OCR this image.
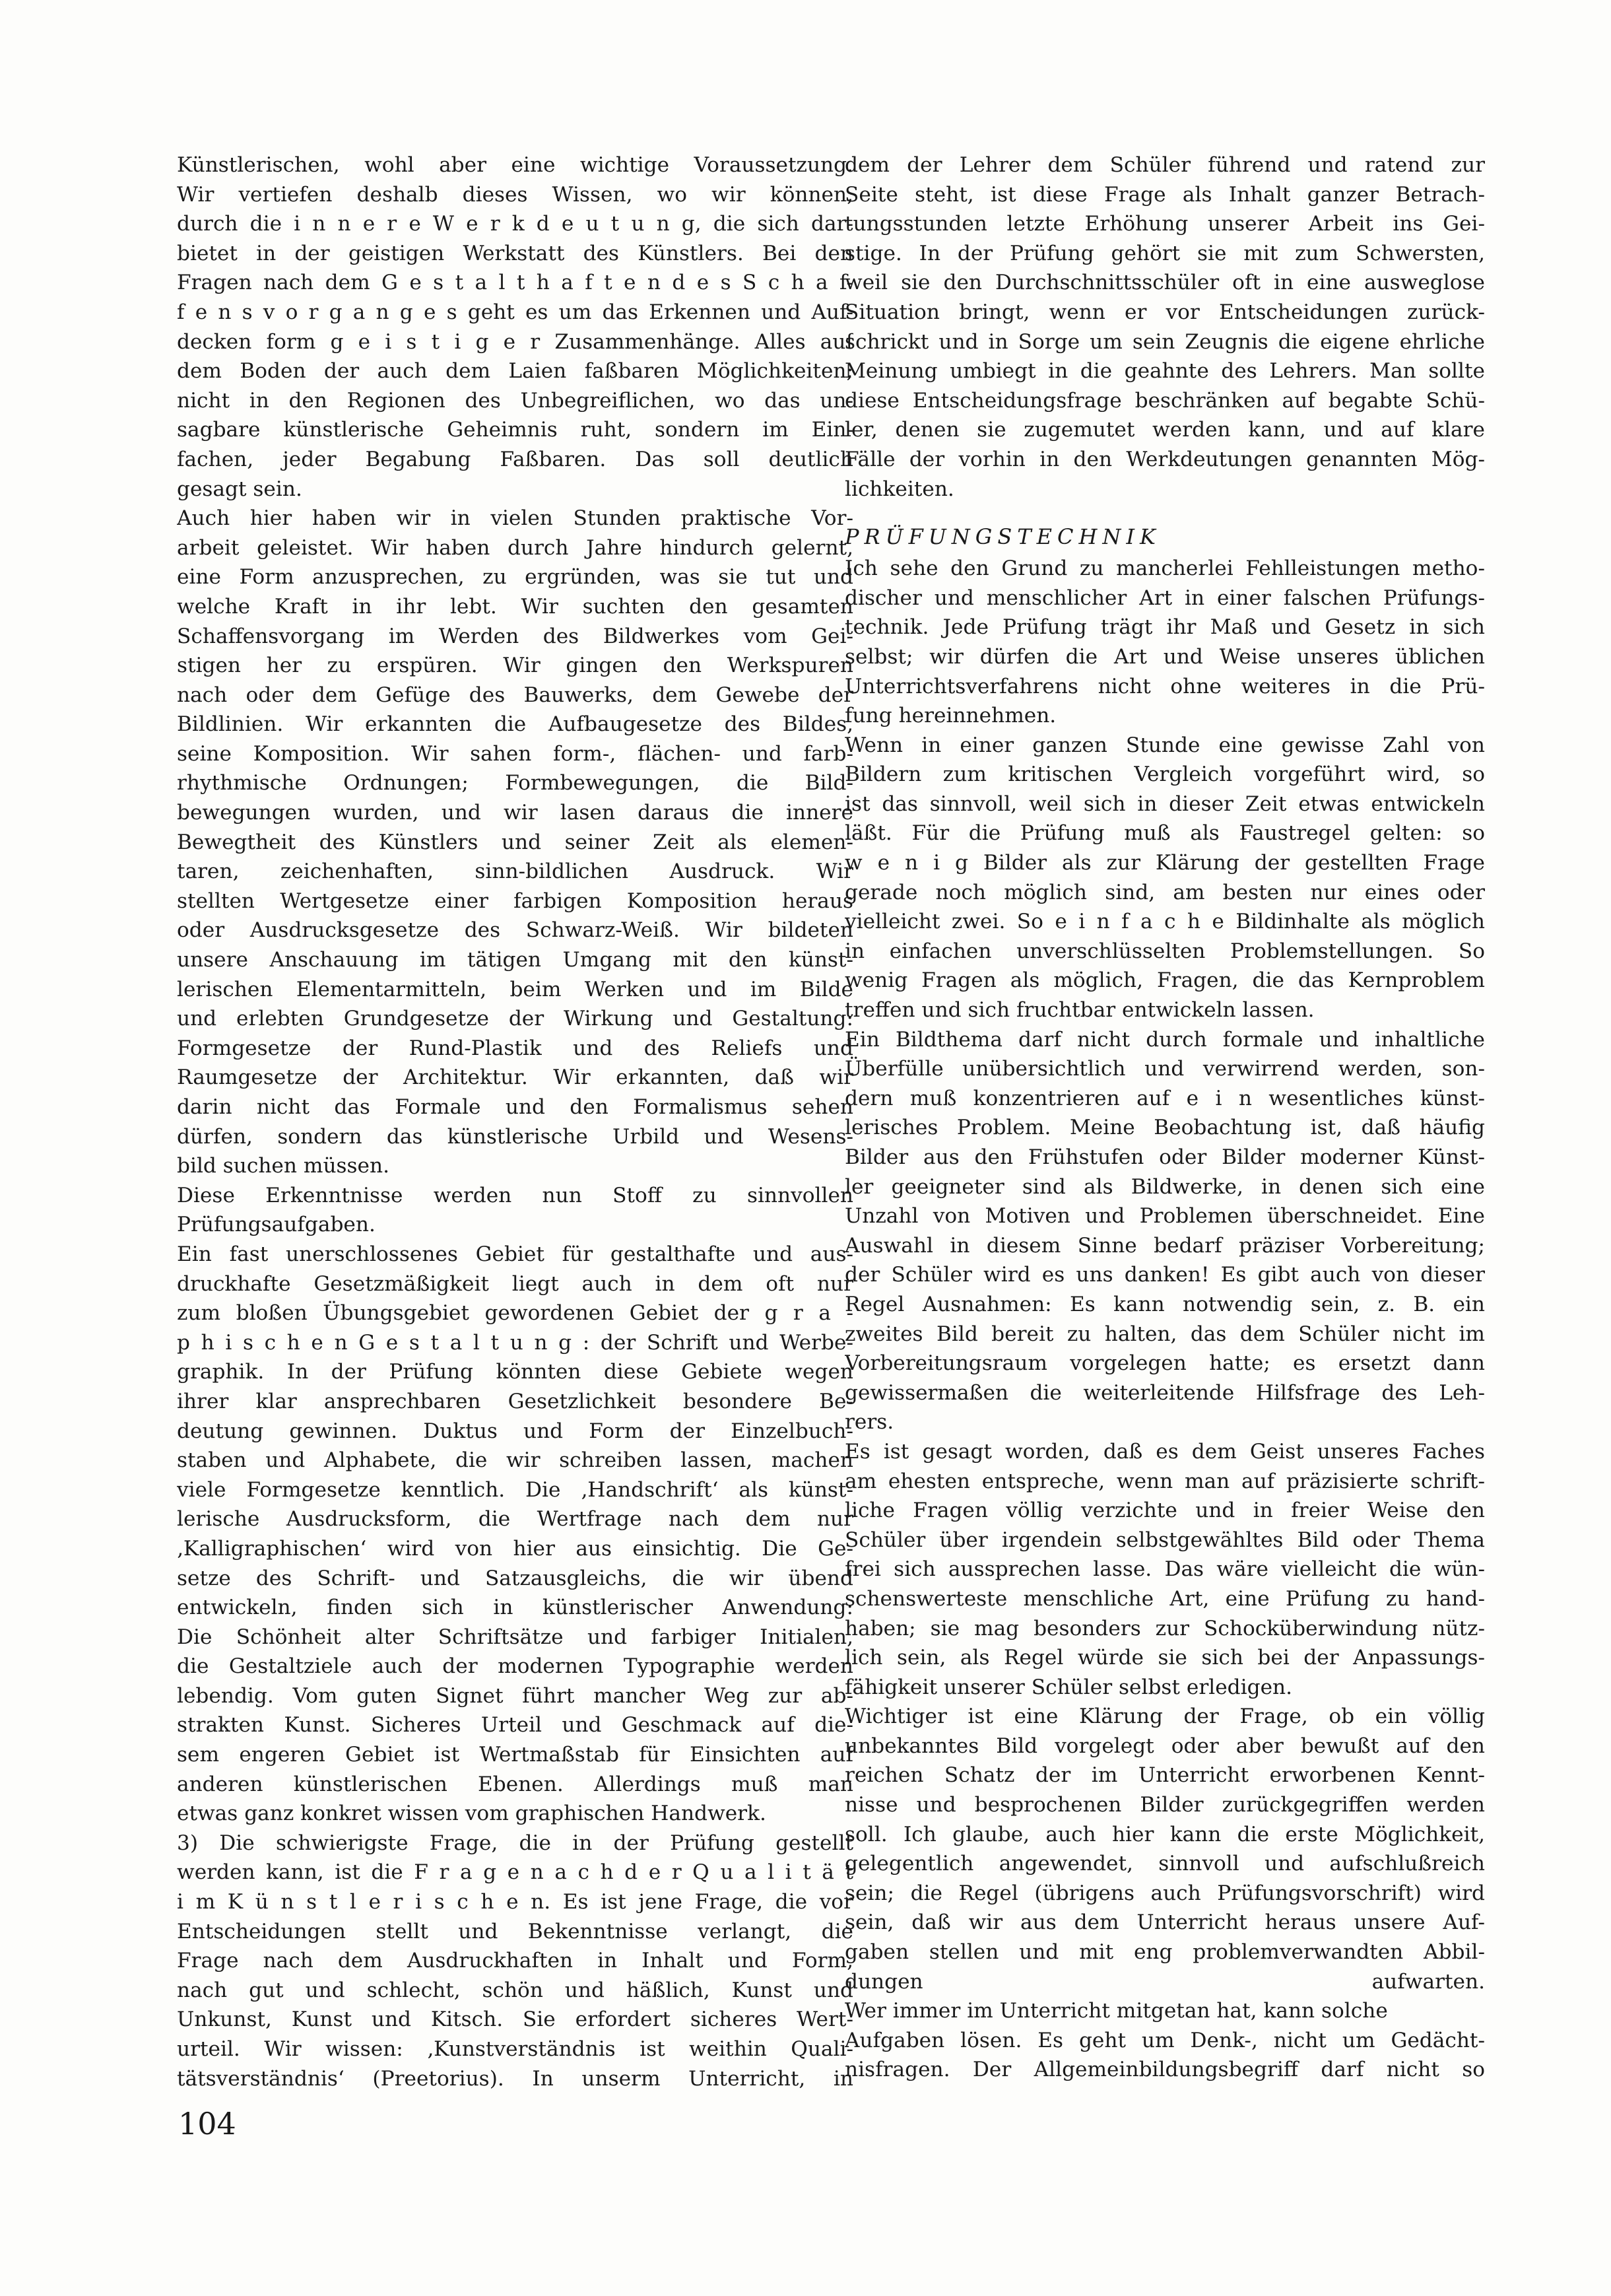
Künstlerischen, wohl aber eine wichtige Voraussetzung.
Wir vertiefen deshalb dieses Wissen, wo wir können,
durch die i n n e r e W e r k d e u t u n g, die sich dar-
bietet in der geistigen Werkstatt des Künstlers. Bei den
Fragen nach dem G e s t a l t h a f t e n d e s S c h a f-
f e n s v o r g a n g e s geht es um das Erkennen und Auf-
decken form g e i s t i g e r Zusammenhänge. Alles auf
dem Boden der auch dem Laien faßbaren Möglichkeiten;
nicht in den Regionen des Unbegreiflichen, wo das un-
sagbare künstlerische Geheimnis ruht, sondern im Ein-
fachen, jeder Begabung Faßbaren. Das soll deutlich
gesagt sein.
Auch hier haben wir in vielen Stunden praktische Vor-
arbeit geleistet. Wir haben durch Jahre hindurch gelernt,
eine Form anzusprechen, zu ergründen, was sie tut und
welche Kraft in ihr lebt. Wir suchten den gesamten
Schaffensvorgang im Werden des Bildwerkes vom Gei-
stigen her zu erspüren. Wir gingen den Werkspuren
nach oder dem Gefüge des Bauwerks, dem Gewebe der
Bildlinien. Wir erkannten die Aufbaugesetze des Bildes,
seine Komposition. Wir sahen form-, flächen- und farb-
rhythmische Ordnungen; Formbewegungen, die Bild-
bewegungen wurden, und wir lasen daraus die innere
Bewegtheit des Künstlers und seiner Zeit als elemen-
taren, zeichenhaften, sinn-bildlichen Ausdruck. Wir
stellten Wertgesetze einer farbigen Komposition heraus
oder Ausdrucksgesetze des Schwarz-Weiß. Wir bildeten
unsere Anschauung im tätigen Umgang mit den künst-
lerischen Elementarmitteln, beim Werken und im Bilde
und erlebten Grundgesetze der Wirkung und Gestaltung:
Formgesetze der Rund-Plastik und des Reliefs und
Raumgesetze der Architektur. Wir erkannten, daß wir
darin nicht das Formale und den Formalismus sehen
dürfen, sondern das künstlerische Urbild und Wesens-
bild suchen müssen.
Diese Erkenntnisse werden nun Stoff zu sinnvollen
Prüfungsaufgaben.
Ein fast unerschlossenes Gebiet für gestalthafte und aus-
druckhafte Gesetzmäßigkeit liegt auch in dem oft nur
zum bloßen Übungsgebiet gewordenen Gebiet der g r a -
p h i s c h e n G e s t a l t u n g : der Schrift und Werbe-
graphik. In der Prüfung könnten diese Gebiete wegen
ihrer klar ansprechbaren Gesetzlichkeit besondere Be-
deutung gewinnen. Duktus und Form der Einzelbuch-
staben und Alphabete, die wir schreiben lassen, machen
viele Formgesetze kenntlich. Die ‚Handschrift‘ als künst-
lerische Ausdrucksform, die Wertfrage nach dem nur
‚Kalligraphischen‘ wird von hier aus einsichtig. Die Ge-
setze des Schrift- und Satzausgleichs, die wir übend
entwickeln, finden sich in künstlerischer Anwendung:
Die Schönheit alter Schriftsätze und farbiger Initialen,
die Gestaltziele auch der modernen Typographie werden
lebendig. Vom guten Signet führt mancher Weg zur ab-
strakten Kunst. Sicheres Urteil und Geschmack auf die-
sem engeren Gebiet ist Wertmaßstab für Einsichten auf
anderen künstlerischen Ebenen. Allerdings muß man
etwas ganz konkret wissen vom graphischen Handwerk.
3) Die schwierigste Frage, die in der Prüfung gestellt
werden kann, ist die F r a g e n a c h d e r Q u a l i t ä t
i m K ü n s t l e r i s c h e n. Es ist jene Frage, die vor
Entscheidungen stellt und Bekenntnisse verlangt, die
Frage nach dem Ausdruckhaften in Inhalt und Form,
nach gut und schlecht, schön und häßlich, Kunst und
Unkunst, Kunst und Kitsch. Sie erfordert sicheres Wert-
urteil. Wir wissen: ‚Kunstverständnis ist weithin Quali-
tätsverständnis‘ (Preetorius). In unserm Unterricht, in
dem der Lehrer dem Schüler führend und ratend zur
Seite steht, ist diese Frage als Inhalt ganzer Betrach-
tungsstunden letzte Erhöhung unserer Arbeit ins Gei-
stige. In der Prüfung gehört sie mit zum Schwersten,
weil sie den Durchschnittsschüler oft in eine ausweglose
Situation bringt, wenn er vor Entscheidungen zurück-
schrickt und in Sorge um sein Zeugnis die eigene ehrliche
Meinung umbiegt in die geahnte des Lehrers. Man sollte
diese Entscheidungsfrage beschränken auf begabte Schü-
ler, denen sie zugemutet werden kann, und auf klare
Fälle der vorhin in den Werkdeutungen genannten Mög-
lichkeiten.
PRÜFUNGSTECHNIK
Ich sehe den Grund zu mancherlei Fehlleistungen metho-
discher und menschlicher Art in einer falschen Prüfungs-
technik. Jede Prüfung trägt ihr Maß und Gesetz in sich
selbst; wir dürfen die Art und Weise unseres üblichen
Unterrichtsverfahrens nicht ohne weiteres in die Prü-
fung hereinnehmen.
Wenn in einer ganzen Stunde eine gewisse Zahl von
Bildern zum kritischen Vergleich vorgeführt wird, so
ist das sinnvoll, weil sich in dieser Zeit etwas entwickeln
läßt. Für die Prüfung muß als Faustregel gelten: so
w e n i g Bilder als zur Klärung der gestellten Frage
gerade noch möglich sind, am besten nur eines oder
vielleicht zwei. So e i n f a c h e Bildinhalte als möglich
in einfachen unverschlüsselten Problemstellungen. So
wenig Fragen als möglich, Fragen, die das Kernproblem
treffen und sich fruchtbar entwickeln lassen.
Ein Bildthema darf nicht durch formale und inhaltliche
Überfülle unübersichtlich und verwirrend werden, son-
dern muß konzentrieren auf e i n wesentliches künst-
lerisches Problem. Meine Beobachtung ist, daß häufig
Bilder aus den Frühstufen oder Bilder moderner Künst-
ler geeigneter sind als Bildwerke, in denen sich eine
Unzahl von Motiven und Problemen überschneidet. Eine
Auswahl in diesem Sinne bedarf präziser Vorbereitung;
der Schüler wird es uns danken! Es gibt auch von dieser
Regel Ausnahmen: Es kann notwendig sein, z. B. ein
zweites Bild bereit zu halten, das dem Schüler nicht im
Vorbereitungsraum vorgelegen hatte; es ersetzt dann
gewissermaßen die weiterleitende Hilfsfrage des Leh-
rers.
Es ist gesagt worden, daß es dem Geist unseres Faches
am ehesten entspreche, wenn man auf präzisierte schrift-
liche Fragen völlig verzichte und in freier Weise den
Schüler über irgendein selbstgewähltes Bild oder Thema
frei sich aussprechen lasse. Das wäre vielleicht die wün-
schenswerteste menschliche Art, eine Prüfung zu hand-
haben; sie mag besonders zur Schocküberwindung nütz-
lich sein, als Regel würde sie sich bei der Anpassungs-
fähigkeit unserer Schüler selbst erledigen.
Wichtiger ist eine Klärung der Frage, ob ein völlig
unbekanntes Bild vorgelegt oder aber bewußt auf den
reichen Schatz der im Unterricht erworbenen Kennt-
nisse und besprochenen Bilder zurückgegriffen werden
soll. Ich glaube, auch hier kann die erste Möglichkeit,
gelegentlich angewendet, sinnvoll und aufschlußreich
sein; die Regel (übrigens auch Prüfungsvorschrift) wird
sein, daß wir aus dem Unterricht heraus unsere Auf-
gaben stellen und mit eng problemverwandten Abbil-
dungen aufwarten.
Wer immer im Unterricht mitgetan hat, kann solche
Aufgaben lösen. Es geht um Denk-, nicht um Gedächt-
nisfragen. Der Allgemeinbildungsbegriff darf nicht so
104
